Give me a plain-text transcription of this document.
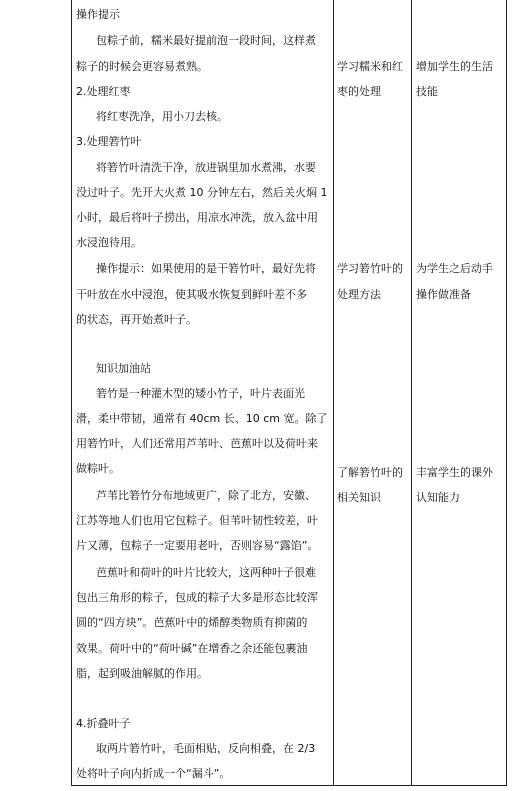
操作提示
包粽子前，糯米最好提前泡一段时间，这样煮
粽子的时候会更容易煮熟。
2.处理红枣
将红枣洗净，用小刀去核。
3.处理箬竹叶
将箬竹叶清洗干净，放进锅里加水煮沸，水要
没过叶子。先开大火煮 10 分钟左右，然后关火焖 1
小时，最后将叶子捞出，用凉水冲洗，放入盆中用
水浸泡待用。
操作提示：如果使用的是干箬竹叶，最好先将
干叶放在水中浸泡，使其吸水恢复到鲜叶差不多
的状态，再开始煮叶子。
知识加油站
箬竹是一种灌木型的矮小竹子，叶片表面光
滑，柔中带韧，通常有 40cm 长、10 cm 宽。除了
用箬竹叶，人们还常用芦苇叶、芭蕉叶以及荷叶来
做粽叶。
芦苇比箬竹分布地域更广，除了北方，安徽、
江苏等地人们也用它包粽子。但苇叶韧性较差，叶
片又薄，包粽子一定要用老叶，否则容易“露馅”。
芭蕉叶和荷叶的叶片比较大，这两种叶子很难
包出三角形的粽子，包成的粽子大多是形态比较浑
圆的“四方块”。芭蕉叶中的烯醇类物质有抑菌的
效果。荷叶中的“荷叶碱”在增香之余还能包裹油
脂，起到吸油解腻的作用。
4.折叠叶子
取两片箬竹叶，毛面相贴，反向相叠，在 2/3
处将叶子向内折成一个“漏斗”。
学习糯米和红
枣的处理
学习箬竹叶的
处理方法
了解箬竹叶的
相关知识
增加学生的生活
技能
为学生之后动手
操作做准备
丰富学生的课外
认知能力
